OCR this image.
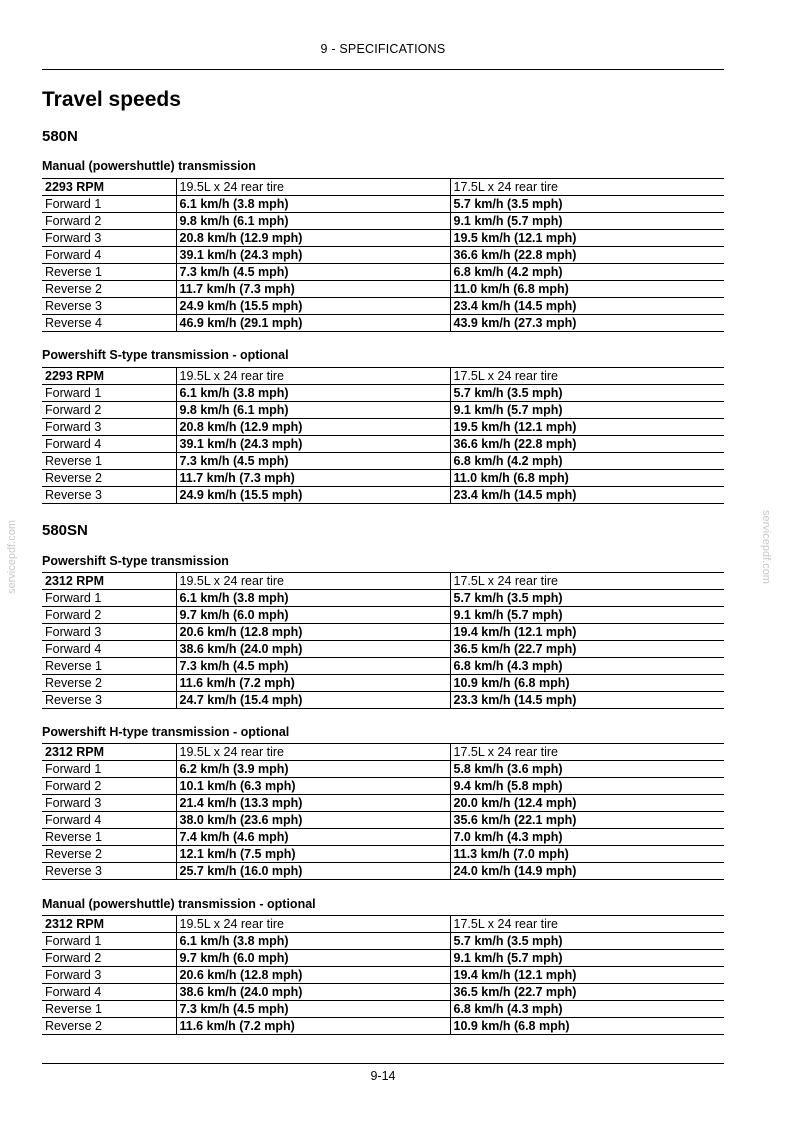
9 - SPECIFICATIONS
Travel speeds
servicepdf.com	servicepdf.com
580N
Manual (powershuttle) transmission
2293 RPM	19.5L x 24 rear tire	17.5L x 24 rear tire
Forward 1	6.1 km/h (3.8 mph)	5.7 km/h (3.5 mph)
Forward 2	9.8 km/h (6.1 mph)	9.1 km/h (5.7 mph)
Forward 3	20.8 km/h (12.9 mph)	19.5 km/h (12.1 mph)
Forward 4	39.1 km/h (24.3 mph)	36.6 km/h (22.8 mph)
Reverse 1	7.3 km/h (4.5 mph)	6.8 km/h (4.2 mph)
Reverse 2	11.7 km/h (7.3 mph)	11.0 km/h (6.8 mph)
Reverse 3	24.9 km/h (15.5 mph)	23.4 km/h (14.5 mph)
Reverse 4	46.9 km/h (29.1 mph)	43.9 km/h (27.3 mph)
Powershift S-type transmission - optional
2293 RPM	19.5L x 24 rear tire	17.5L x 24 rear tire
Forward 1	6.1 km/h (3.8 mph)	5.7 km/h (3.5 mph)
Forward 2	9.8 km/h (6.1 mph)	9.1 km/h (5.7 mph)
Forward 3	20.8 km/h (12.9 mph)	19.5 km/h (12.1 mph)
Forward 4	39.1 km/h (24.3 mph)	36.6 km/h (22.8 mph)
Reverse 1	7.3 km/h (4.5 mph)	6.8 km/h (4.2 mph)
Reverse 2	11.7 km/h (7.3 mph)	11.0 km/h (6.8 mph)
Reverse 3	24.9 km/h (15.5 mph)	23.4 km/h (14.5 mph)
580SN
Powershift S-type transmission
2312 RPM	19.5L x 24 rear tire	17.5L x 24 rear tire
Forward 1	6.1 km/h (3.8 mph)	5.7 km/h (3.5 mph)
Forward 2	9.7 km/h (6.0 mph)	9.1 km/h (5.7 mph)
Forward 3	20.6 km/h (12.8 mph)	19.4 km/h (12.1 mph)
Forward 4	38.6 km/h (24.0 mph)	36.5 km/h (22.7 mph)
Reverse 1	7.3 km/h (4.5 mph)	6.8 km/h (4.3 mph)
Reverse 2	11.6 km/h (7.2 mph)	10.9 km/h (6.8 mph)
Reverse 3	24.7 km/h (15.4 mph)	23.3 km/h (14.5 mph)
Powershift H-type transmission - optional
2312 RPM	19.5L x 24 rear tire	17.5L x 24 rear tire
Forward 1	6.2 km/h (3.9 mph)	5.8 km/h (3.6 mph)
Forward 2	10.1 km/h (6.3 mph)	9.4 km/h (5.8 mph)
Forward 3	21.4 km/h (13.3 mph)	20.0 km/h (12.4 mph)
Forward 4	38.0 km/h (23.6 mph)	35.6 km/h (22.1 mph)
Reverse 1	7.4 km/h (4.6 mph)	7.0 km/h (4.3 mph)
Reverse 2	12.1 km/h (7.5 mph)	11.3 km/h (7.0 mph)
Reverse 3	25.7 km/h (16.0 mph)	24.0 km/h (14.9 mph)
Manual (powershuttle) transmission - optional
2312 RPM	19.5L x 24 rear tire	17.5L x 24 rear tire
Forward 1	6.1 km/h (3.8 mph)	5.7 km/h (3.5 mph)
Forward 2	9.7 km/h (6.0 mph)	9.1 km/h (5.7 mph)
Forward 3	20.6 km/h (12.8 mph)	19.4 km/h (12.1 mph)
Forward 4	38.6 km/h (24.0 mph)	36.5 km/h (22.7 mph)
Reverse 1	7.3 km/h (4.5 mph)	6.8 km/h (4.3 mph)
Reverse 2	11.6 km/h (7.2 mph)	10.9 km/h (6.8 mph)
9-14
